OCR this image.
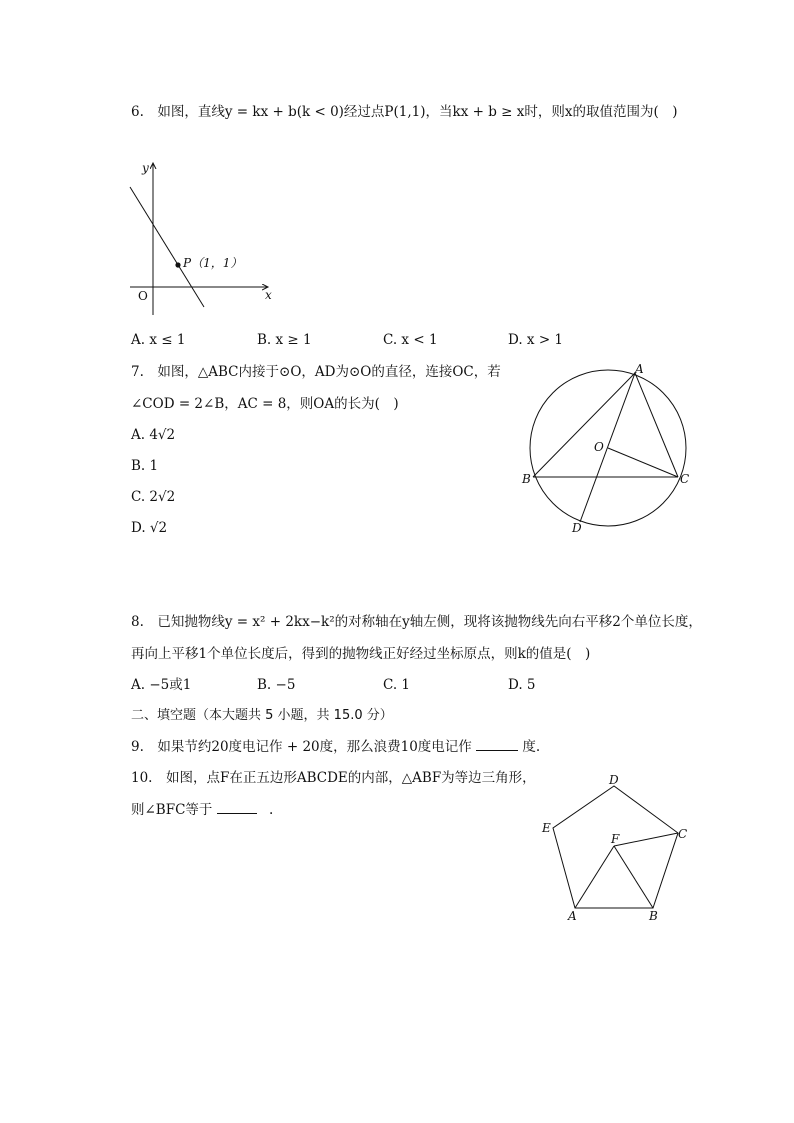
6.　如图，直线y = kx + b(k < 0)经过点P(1,1)，当kx + b ≥ x时，则x的取值范围为(　)
y
x
O
P（1，1）
A. x ≤ 1	B. x ≥ 1	C. x < 1	D. x > 1
7.　如图，△ABC内接于⊙O，AD为⊙O的直径，连接OC，若
∠COD = 2∠B，AC = 8，则OA的长为(　)
A. 4√2
B. 1
C. 2√2
D. √2
A
B	C
D
O
8.　已知抛物线y = x² + 2kx−k²的对称轴在y轴左侧，现将该抛物线先向右平移2个单位长度，
再向上平移1个单位长度后，得到的抛物线正好经过坐标原点，则k的值是(　)
A. −5或1	B. −5	C. 1	D. 5
二、填空题（本大题共 5 小题，共 15.0 分）
9.　如果节约20度电记作 + 20度，那么浪费10度电记作	度.
10.　如图，点F在正五边形ABCDE的内部，△ABF为等边三角形，
则∠BFC等于	.
A	B
C
D
E
F
